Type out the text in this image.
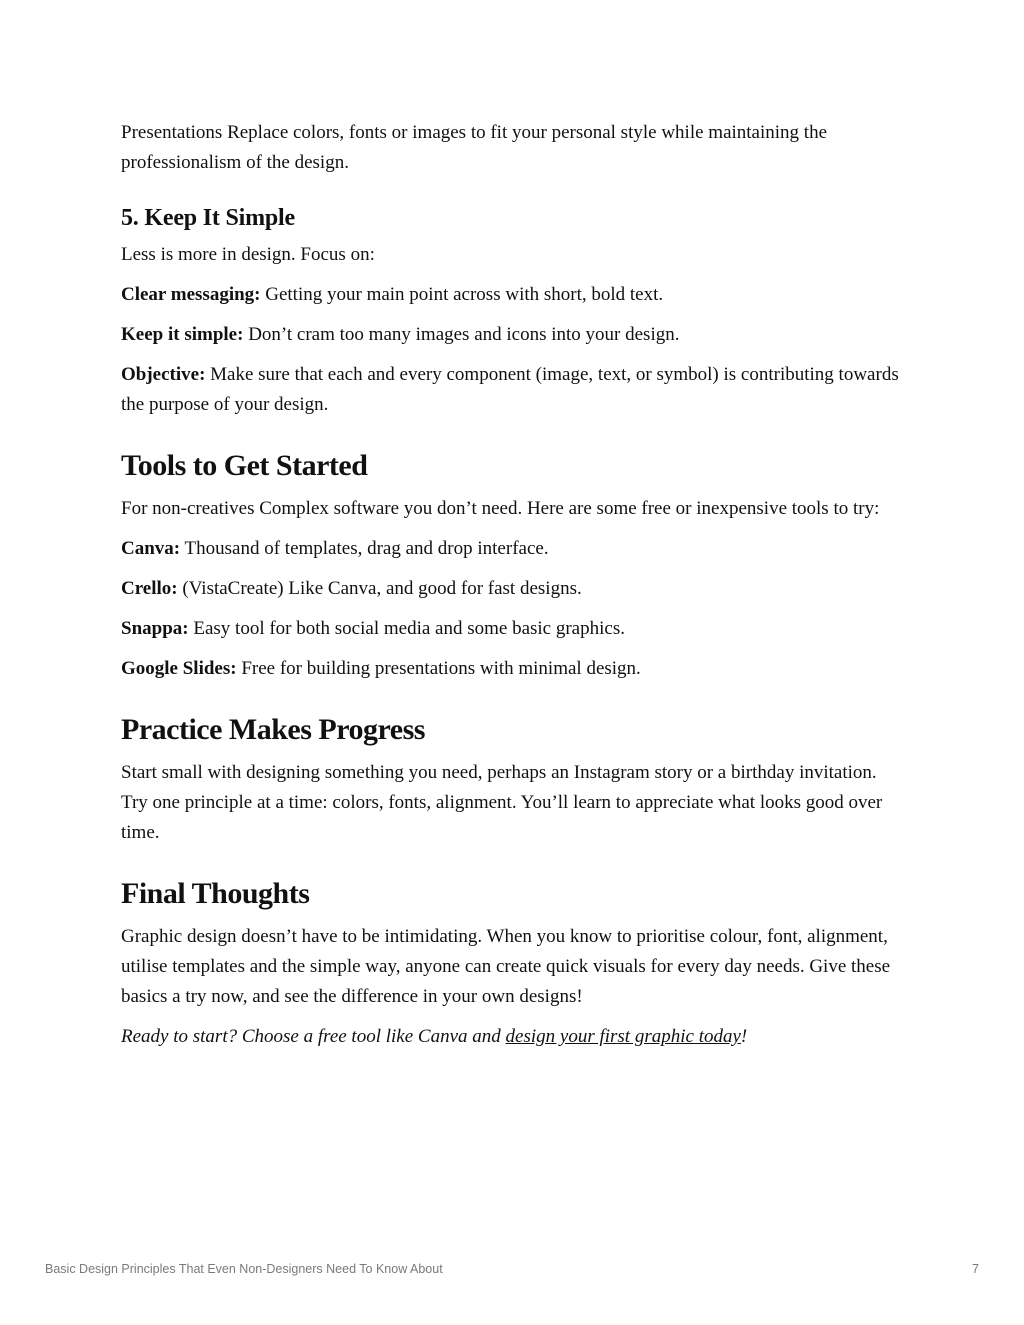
Presentations Replace colors, fonts or images to fit your personal style while maintaining the professionalism of the design.

5. Keep It Simple

Less is more in design. Focus on:

Clear messaging: Getting your main point across with short, bold text.

Keep it simple: Don’t cram too many images and icons into your design.

Objective: Make sure that each and every component (image, text, or symbol) is contributing towards the purpose of your design.

Tools to Get Started

For non-creatives Complex software you don’t need. Here are some free or inexpensive tools to try:

Canva: Thousand of templates, drag and drop interface.

Crello: (VistaCreate) Like Canva, and good for fast designs.

Snappa: Easy tool for both social media and some basic graphics.

Google Slides: Free for building presentations with minimal design.

Practice Makes Progress

Start small with designing something you need, perhaps an Instagram story or a birthday invitation. Try one principle at a time: colors, fonts, alignment. You’ll learn to appreciate what looks good over time.

Final Thoughts

Graphic design doesn’t have to be intimidating. When you know to prioritise colour, font, alignment, utilise templates and the simple way, anyone can create quick visuals for every day needs. Give these basics a try now, and see the difference in your own designs!

Ready to start? Choose a free tool like Canva and design your first graphic today!

Basic Design Principles That Even Non-Designers Need To Know About	7
